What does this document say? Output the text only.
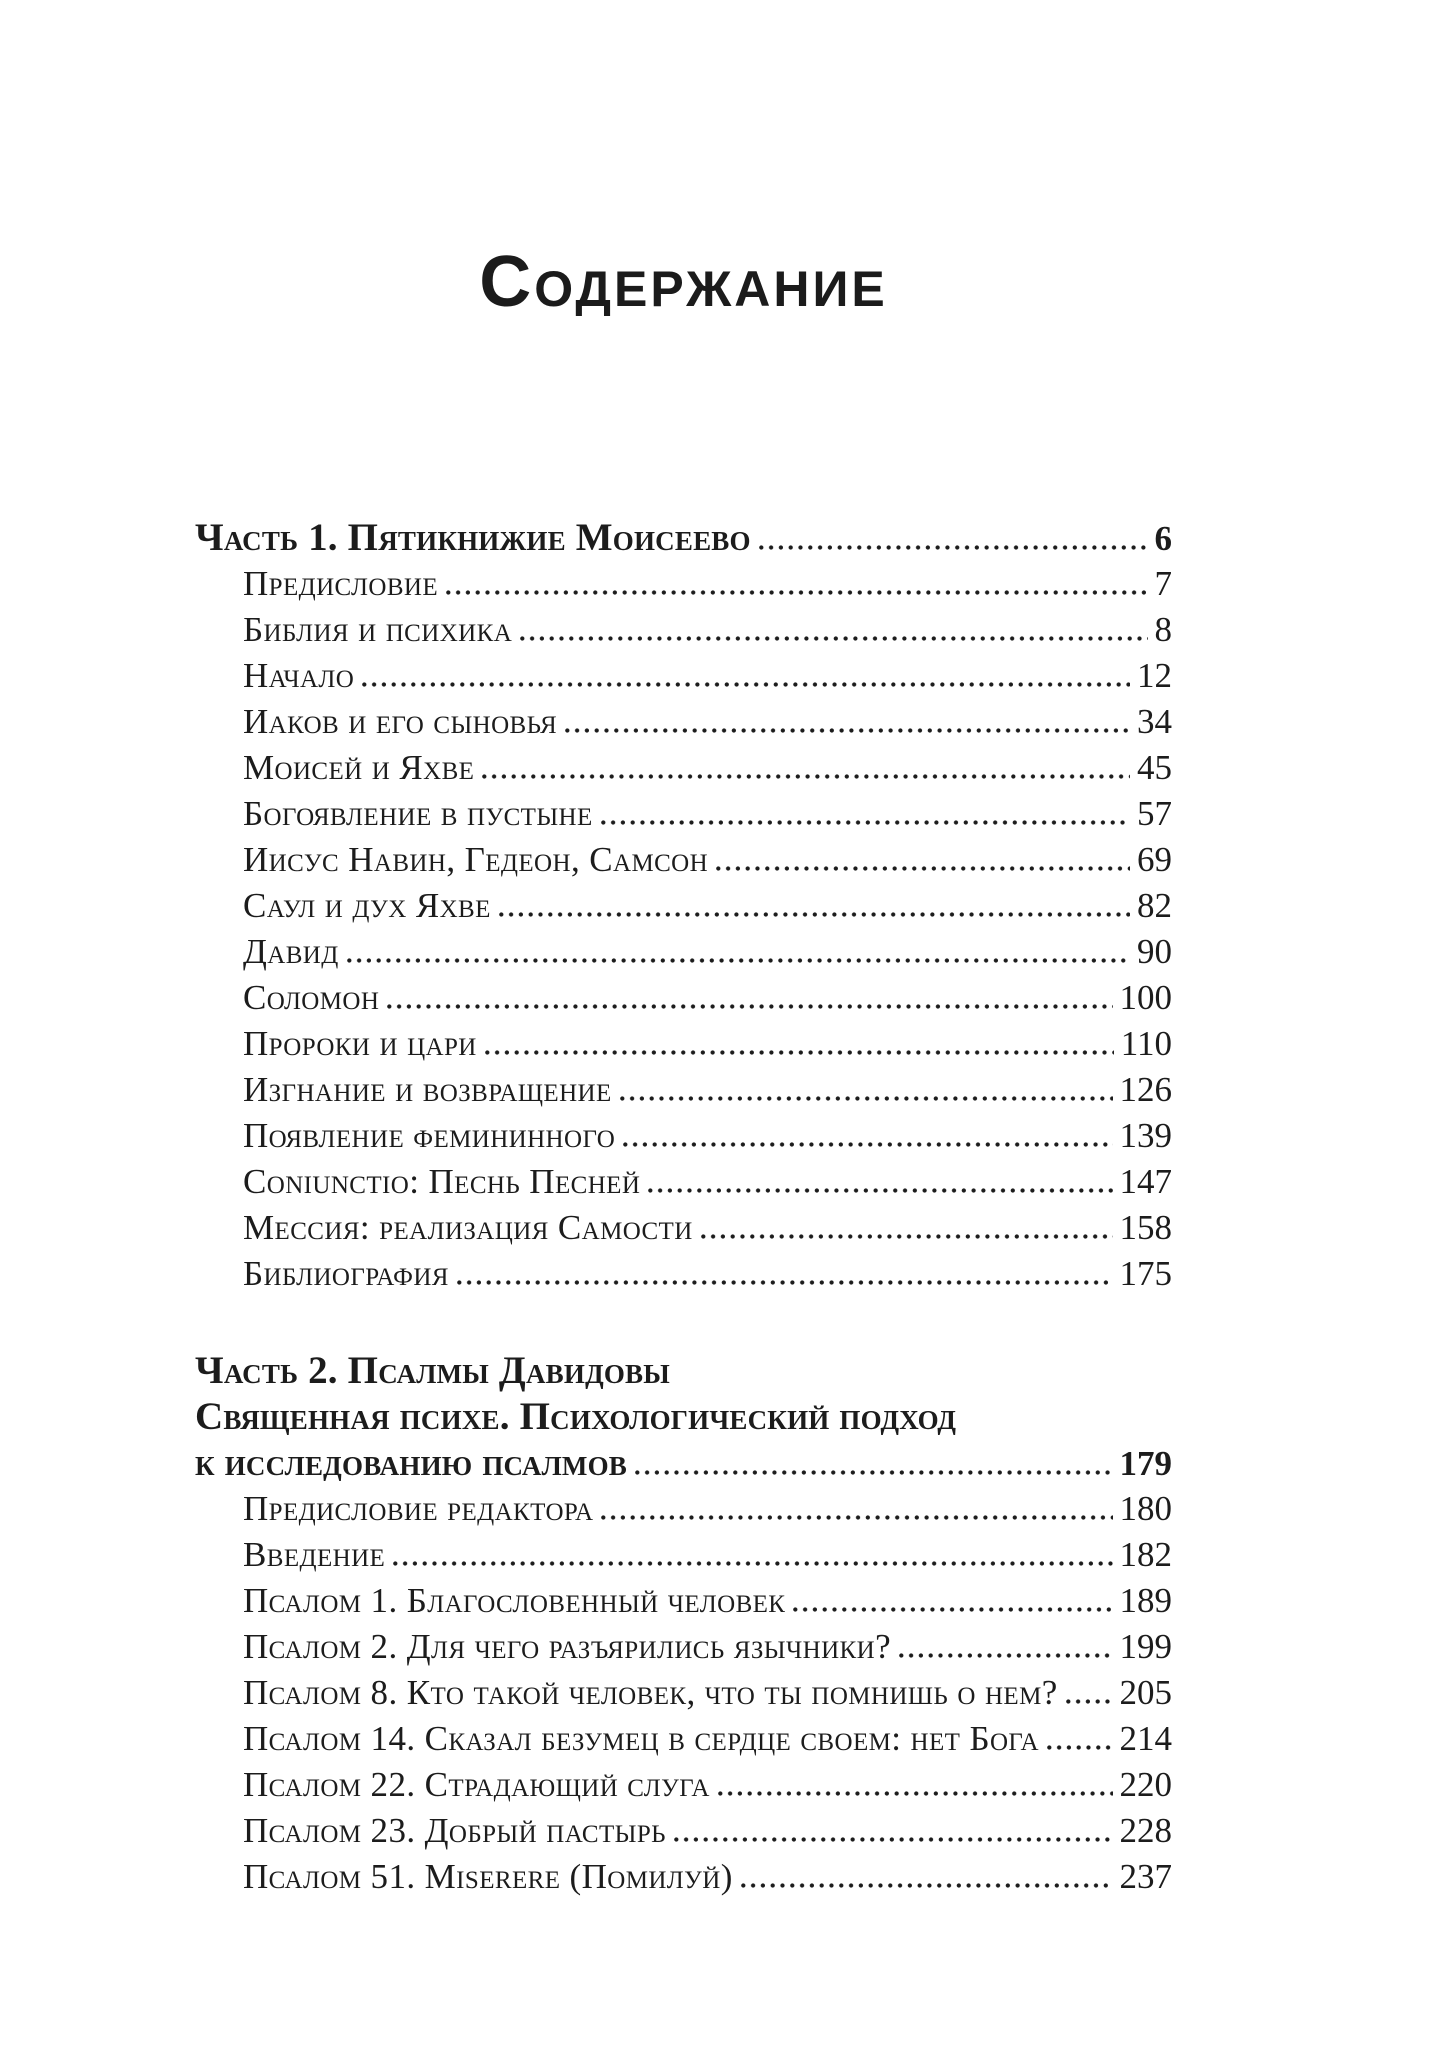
Содержание
Часть 1. Пятикнижие Моисеево	6
Предисловие	7
Библия и психика	8
Начало	12
Иаков и его сыновья	34
Моисей и Яхве	45
Богоявление в пустыне	57
Иисус Навин, Гедеон, Самсон	69
Саул и дух Яхве	82
Давид	90
Соломон	100
Пророки и цари	110
Изгнание и возвращение	126
Появление фемининного	139
Coniunctio: Песнь Песней	147
Мессия: реализация Самости	158
Библиография	175
Часть 2. Псалмы Давидовы
Священная психе. Психологический подход
к исследованию псалмов	179
Предисловие редактора	180
Введение	182
Псалом 1. Благословенный человек	189
Псалом 2. Для чего разъярились язычники?	199
Псалом 8. Кто такой человек, что ты помнишь о нем? 205
Псалом 14. Сказал безумец в сердце своем: нет Бога 214
Псалом 22. Страдающий слуга	220
Псалом 23. Добрый пастырь	228
Псалом 51. Miserere (Помилуй)	237
